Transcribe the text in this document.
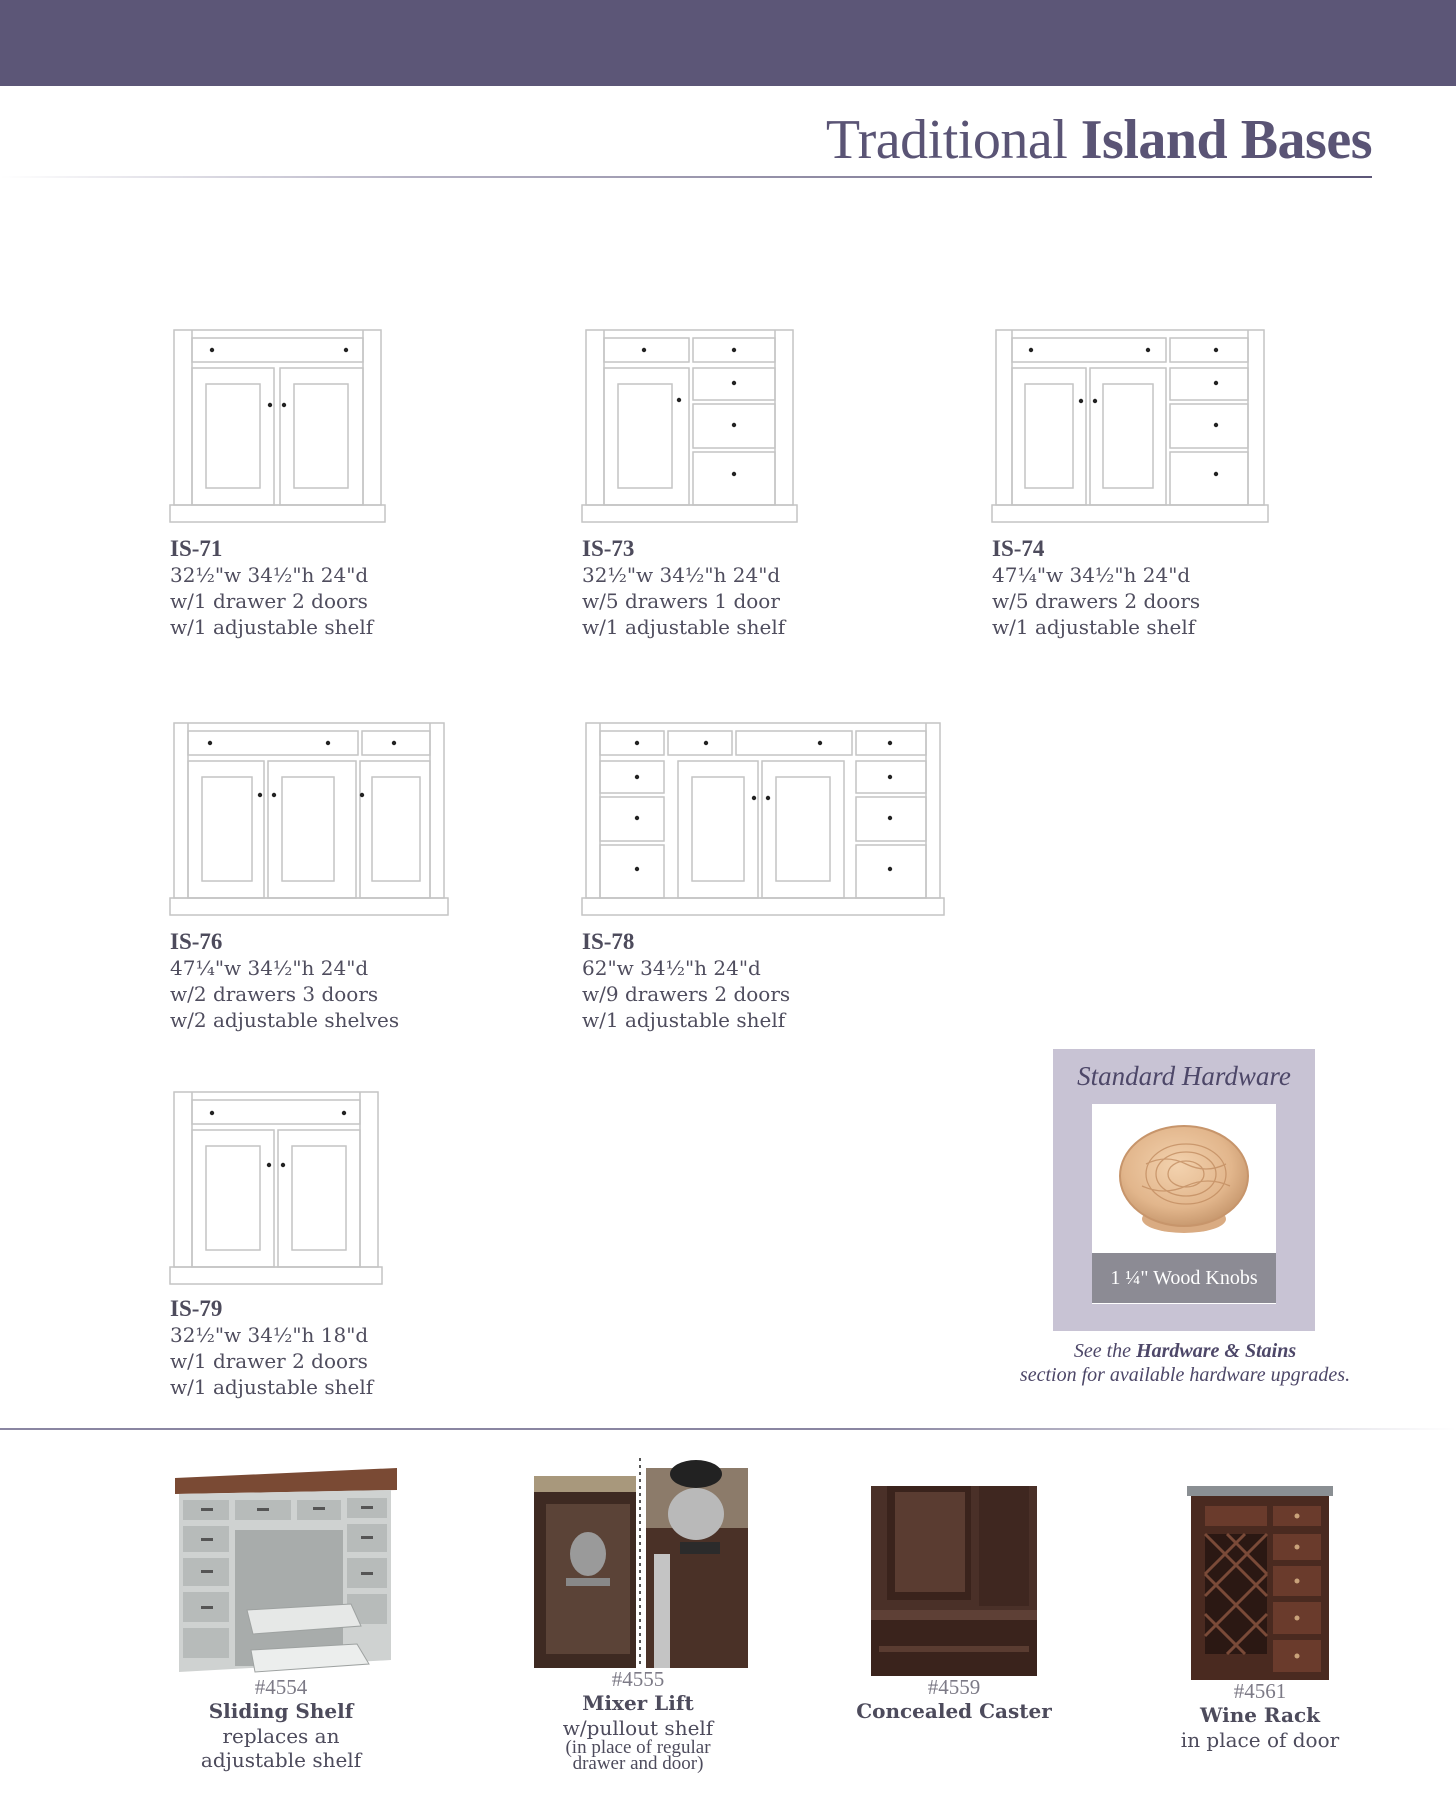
Traditional Island Bases
IS-71
32½"w 34½"h 24"d
w/1 drawer 2 doors
w/1 adjustable shelf
IS-73
32½"w 34½"h 24"d
w/5 drawers 1 door
w/1 adjustable shelf
IS-74
47¼"w 34½"h 24"d
w/5 drawers 2 doors
w/1 adjustable shelf
IS-76
47¼"w 34½"h 24"d
w/2 drawers 3 doors
w/2 adjustable shelves
IS-78
62"w 34½"h 24"d
w/9 drawers 2 doors
w/1 adjustable shelf
IS-79
32½"w 34½"h 18"d
w/1 drawer 2 doors
w/1 adjustable shelf
Standard Hardware
1 ¼" Wood Knobs
See the Hardware & Stains
section for available hardware upgrades.
#4554
Sliding Shelf
replaces an
adjustable shelf
#4555
Mixer Lift
w/pullout shelf
(in place of regular
drawer and door)
#4559
Concealed Caster
#4561
Wine Rack
in place of door
